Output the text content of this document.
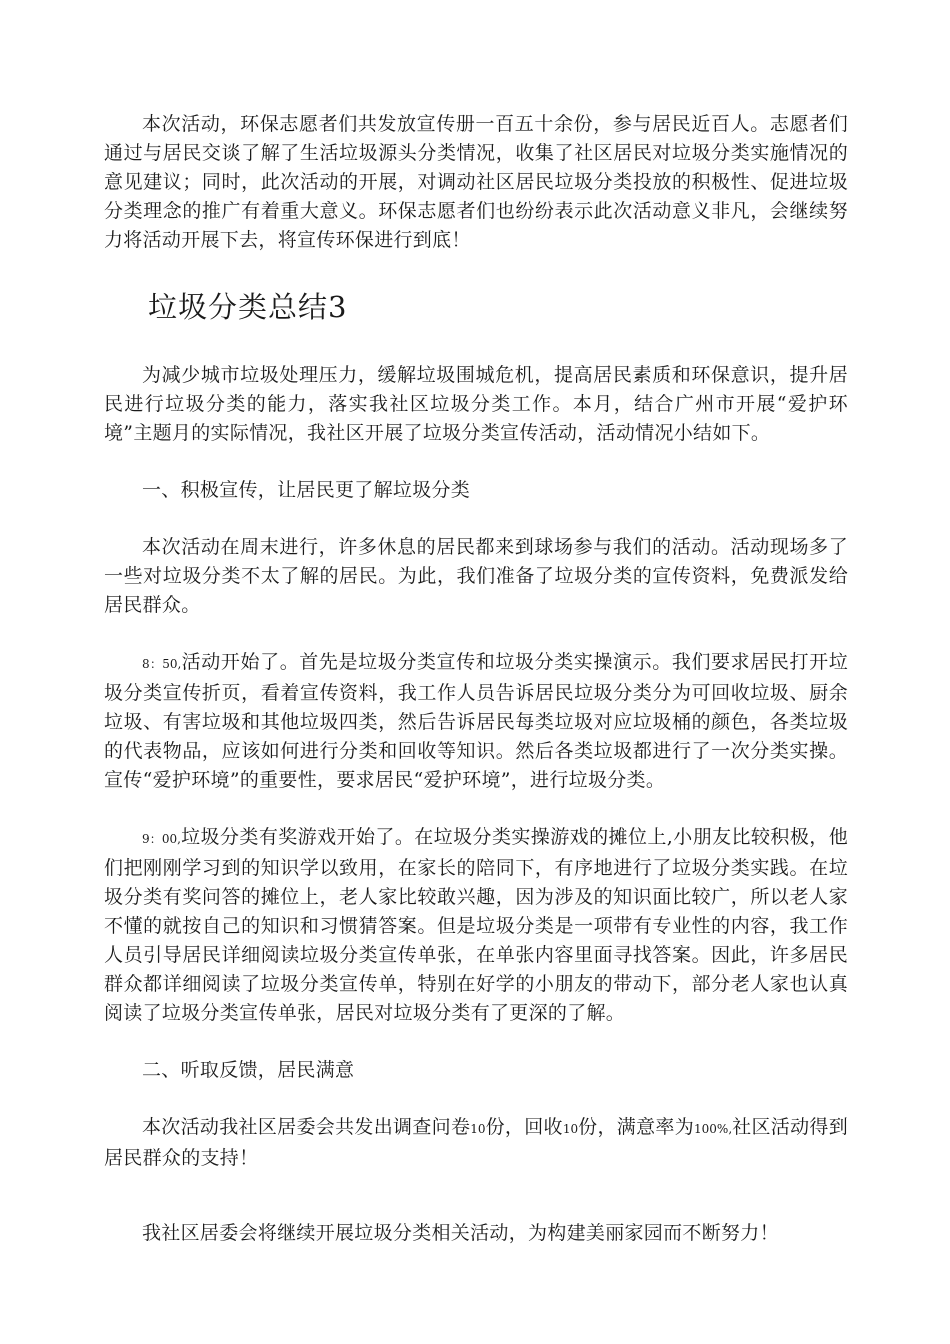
本次活动，环保志愿者们共发放宣传册一百五十余份，参与居民近百人。志愿者们通过与居民交谈了解了生活垃圾源头分类情况，收集了社区居民对垃圾分类实施情况的意见建议；同时，此次活动的开展，对调动社区居民垃圾分类投放的积极性、促进垃圾分类理念的推广有着重大意义。环保志愿者们也纷纷表示此次活动意义非凡，会继续努力将活动开展下去，将宣传环保进行到底！

垃圾分类总结3

为减少城市垃圾处理压力，缓解垃圾围城危机，提高居民素质和环保意识，提升居民进行垃圾分类的能力，落实我社区垃圾分类工作。本月，结合广州市开展“爱护环境”主题月的实际情况，我社区开展了垃圾分类宣传活动，活动情况小结如下。

一、积极宣传，让居民更了解垃圾分类

本次活动在周末进行，许多休息的居民都来到球场参与我们的活动。活动现场多了一些对垃圾分类不太了解的居民。为此，我们准备了垃圾分类的宣传资料，免费派发给居民群众。

8：50,活动开始了。首先是垃圾分类宣传和垃圾分类实操演示。我们要求居民打开垃圾分类宣传折页，看着宣传资料，我工作人员告诉居民垃圾分类分为可回收垃圾、厨余垃圾、有害垃圾和其他垃圾四类，然后告诉居民每类垃圾对应垃圾桶的颜色，各类垃圾的代表物品，应该如何进行分类和回收等知识。然后各类垃圾都进行了一次分类实操。宣传“爱护环境”的重要性，要求居民“爱护环境”，进行垃圾分类。

9：00,垃圾分类有奖游戏开始了。在垃圾分类实操游戏的摊位上,小朋友比较积极，他们把刚刚学习到的知识学以致用，在家长的陪同下，有序地进行了垃圾分类实践。在垃圾分类有奖问答的摊位上，老人家比较敢兴趣，因为涉及的知识面比较广，所以老人家不懂的就按自己的知识和习惯猜答案。但是垃圾分类是一项带有专业性的内容，我工作人员引导居民详细阅读垃圾分类宣传单张，在单张内容里面寻找答案。因此，许多居民群众都详细阅读了垃圾分类宣传单，特别在好学的小朋友的带动下，部分老人家也认真阅读了垃圾分类宣传单张，居民对垃圾分类有了更深的了解。

二、听取反馈，居民满意

本次活动我社区居委会共发出调查问卷10份，回收10份，满意率为100%,社区活动得到居民群众的支持！

我社区居委会将继续开展垃圾分类相关活动，为构建美丽家园而不断努力！
